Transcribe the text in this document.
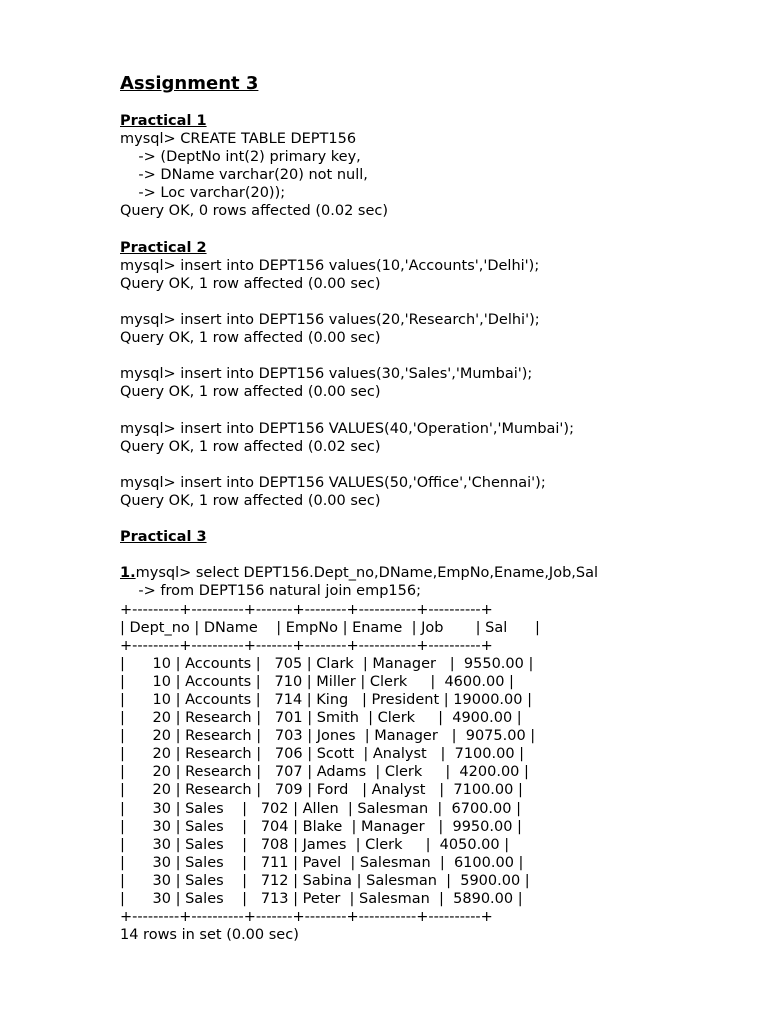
Assignment 3
Practical 1
mysql> CREATE TABLE DEPT156
-> (DeptNo int(2) primary key,
-> DName varchar(20) not null,
-> Loc varchar(20));
Query OK, 0 rows affected (0.02 sec)
Practical 2
mysql> insert into DEPT156 values(10,'Accounts','Delhi');
Query OK, 1 row affected (0.00 sec)
mysql> insert into DEPT156 values(20,'Research','Delhi');
Query OK, 1 row affected (0.00 sec)
mysql> insert into DEPT156 values(30,'Sales','Mumbai');
Query OK, 1 row affected (0.00 sec)
mysql> insert into DEPT156 VALUES(40,'Operation','Mumbai');
Query OK, 1 row affected (0.02 sec)
mysql> insert into DEPT156 VALUES(50,'Office','Chennai');
Query OK, 1 row affected (0.00 sec)
Practical 3
1.mysql> select DEPT156.Dept_no,DName,EmpNo,Ename,Job,Sal
-> from DEPT156 natural join emp156;
+---------+----------+-------+--------+-----------+----------+
| Dept_no | DName    | EmpNo | Ename  | Job       | Sal      |
+---------+----------+-------+--------+-----------+----------+
|      10 | Accounts |   705 | Clark  | Manager   |  9550.00 |
|      10 | Accounts |   710 | Miller | Clerk     |  4600.00 |
|      10 | Accounts |   714 | King   | President | 19000.00 |
|      20 | Research |   701 | Smith  | Clerk     |  4900.00 |
|      20 | Research |   703 | Jones  | Manager   |  9075.00 |
|      20 | Research |   706 | Scott  | Analyst   |  7100.00 |
|      20 | Research |   707 | Adams  | Clerk     |  4200.00 |
|      20 | Research |   709 | Ford   | Analyst   |  7100.00 |
|      30 | Sales    |   702 | Allen  | Salesman  |  6700.00 |
|      30 | Sales    |   704 | Blake  | Manager   |  9950.00 |
|      30 | Sales    |   708 | James  | Clerk     |  4050.00 |
|      30 | Sales    |   711 | Pavel  | Salesman  |  6100.00 |
|      30 | Sales    |   712 | Sabina | Salesman  |  5900.00 |
|      30 | Sales    |   713 | Peter  | Salesman  |  5890.00 |
+---------+----------+-------+--------+-----------+----------+
14 rows in set (0.00 sec)
